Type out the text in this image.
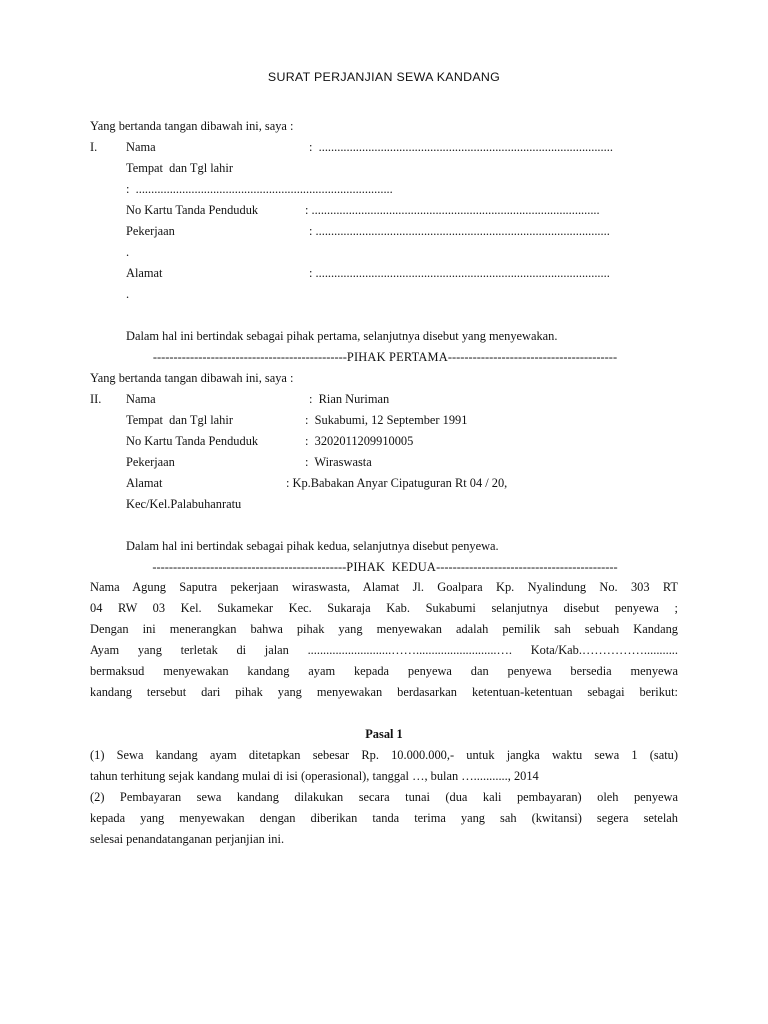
SURAT PERJANJIAN SEWA KANDANG
Yang bertanda tangan dibawah ini, saya :
I. Nama	:  ...............................................................................................
Tempat  dan Tgl lahir
:  ...................................................................................
No Kartu Tanda Penduduk	: .............................................................................................
Pekerjaan	: ...............................................................................................
.
Alamat	: ...............................................................................................
.
Dalam hal ini bertindak sebagai pihak pertama, selanjutnya disebut yang menyewakan.
-----------------------------------------------PIHAK PERTAMA-----------------------------------------
Yang bertanda tangan dibawah ini, saya :
II. Nama	:  Rian Nuriman
Tempat  dan Tgl lahir	:  Sukabumi, 12 September 1991
No Kartu Tanda Penduduk	:  3202011209910005
Pekerjaan	:  Wiraswasta
Alamat	: Kp.Babakan Anyar Cipatuguran Rt 04 / 20,
Kec/Kel.Palabuhanratu
Dalam hal ini bertindak sebagai pihak kedua, selanjutnya disebut penyewa.
-----------------------------------------------PIHAK  KEDUA--------------------------------------------
Nama Agung Saputra pekerjaan wiraswasta, Alamat Jl. Goalpara Kp. Nyalindung No. 303 RT
04 RW 03 Kel. Sukamekar Kec. Sukaraja Kab. Sukabumi selanjutnya disebut penyewa ;
Dengan ini menerangkan bahwa pihak yang menyewakan adalah pemilik sah sebuah Kandang
Ayam yang terletak di jalan ...........................……..........................…. Kota/Kab.……………...........
bermaksud menyewakan kandang ayam kepada penyewa dan penyewa bersedia menyewa
kandang tersebut dari pihak yang menyewakan berdasarkan ketentuan-ketentuan sebagai berikut:
Pasal 1
(1) Sewa kandang ayam ditetapkan sebesar Rp. 10.000.000,- untuk jangka waktu sewa 1 (satu)
tahun terhitung sejak kandang mulai di isi (operasional), tanggal …, bulan …..........., 2014
(2) Pembayaran sewa kandang dilakukan secara tunai (dua kali pembayaran) oleh penyewa
kepada yang menyewakan dengan diberikan tanda terima yang sah (kwitansi) segera setelah
selesai penandatanganan perjanjian ini.
